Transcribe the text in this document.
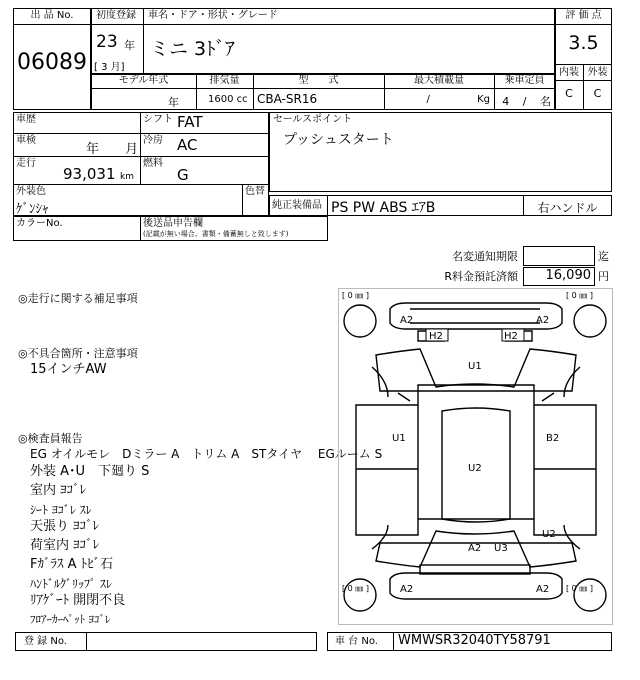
出 品 No.
06089
初度登録 車名・ドア・形状・グレード
23 年
[ 3 月]
ミニ 3ﾄﾞｱ
評 価 点
3.5
内装 外装
C	C
モデル年式	排気量	型　　式	最大積載量	乗車定員
年	1600 cc CBA-SR16	/ Kg	4 / 名
車歴	シフト FAT
車検
年 月
冷房 AC
走行
93,031 km
燃料
G
外装色
ｹﾞﾝｼｬ
色替
セールスポイント
プッシュスタート
純正装備品 PS PW ABS ｴｱB	右ハンドル
カラーNo.	後送品申告欄
(記載が無い場合、書類・備蓄無しと致します)
名変通知期限	迄
R料金預託済額	16,090 円
◎走行に関する補足事項
◎不具合箇所・注意事項
15インチAW
◎検査員報告
EG オイルモレ　Dミラー A　トリム A　STタイヤ　 EGルーム S
外装 A･U　下廻り S
室内 ﾖｺﾞﾚ
ｼｰﾄ ﾖｺﾞﾚ ｽﾚ
天張り ﾖｺﾞﾚ
荷室内 ﾖｺﾞﾚ
Fｶﾞﾗｽ A ﾄﾋﾞ石
ﾊﾝﾄﾞﾙｸﾞﾘｯﾌﾟ ｽﾚ
ﾘｱｹﾞｰﾄ 開閉不良
ﾌﾛｱｰｶｰﾍﾟｯﾄ ﾖｺﾞﾚ
[ 0 ㎜ ]	[ 0 ㎜ ]
[ 0 ㎜ ]	[ 0 ㎜ ]
A2	A2
H2	H2
U1
U1	B2
U2
U2
A2 U3
A2	A2
登 録 No.	車 台 No. WMWSR32040TY58791
